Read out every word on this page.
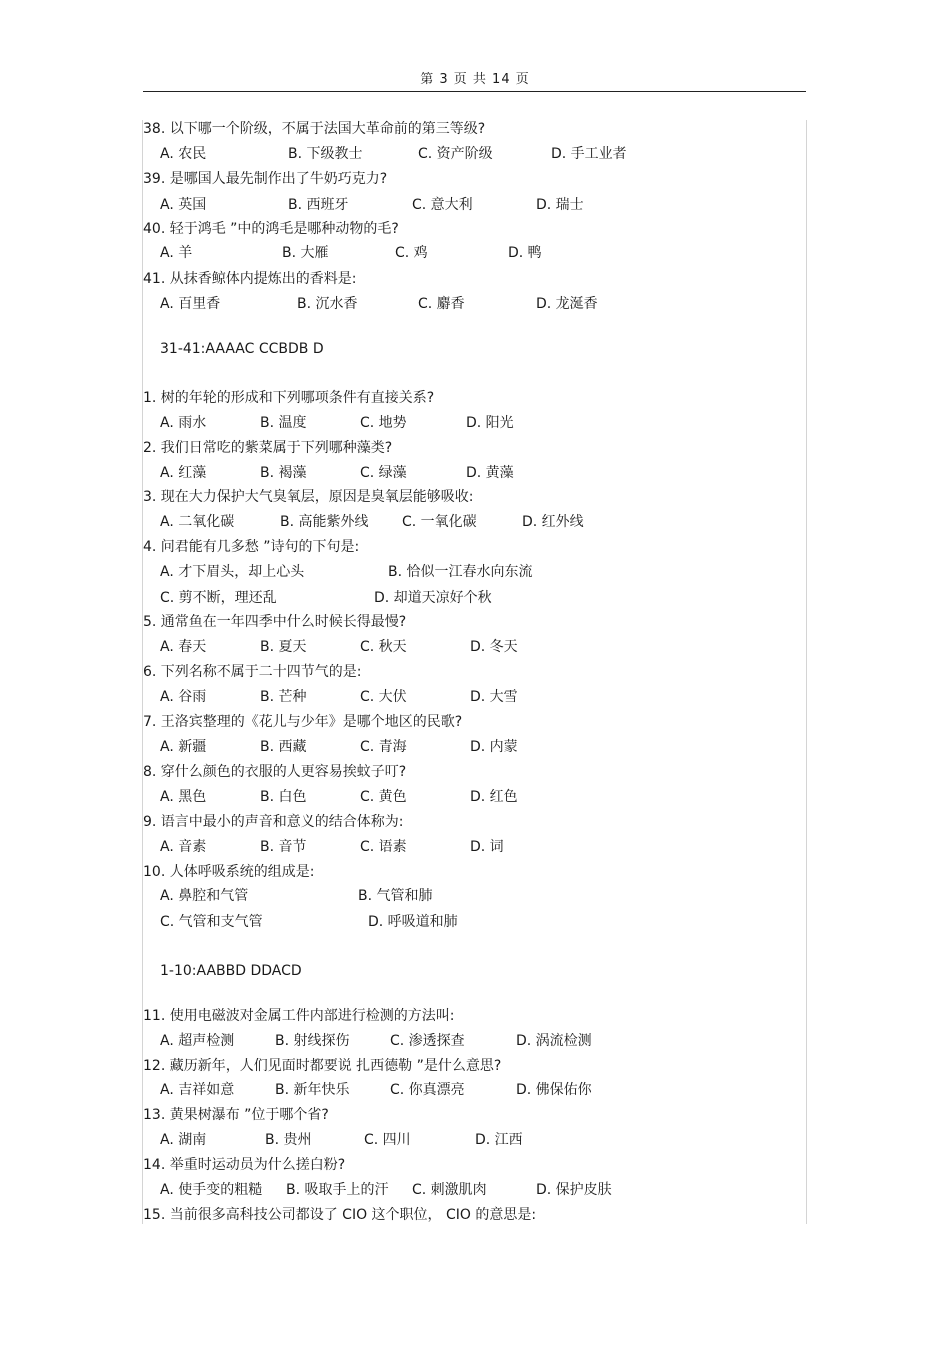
第 3 页 共 14 页
38. 以下哪一个阶级，不属于法国大革命前的第三等级?
A. 农民	B. 下级教士	C. 资产阶级	D. 手工业者
39. 是哪国人最先制作出了牛奶巧克力?
A. 英国	B. 西班牙	C. 意大利	D. 瑞士
40. 轻于鸿毛 ”中的鸿毛是哪种动物的毛?
A. 羊	B. 大雁	C. 鸡	D. 鸭
41. 从抹香鲸体内提炼出的香料是:
A. 百里香	B. 沉水香	C. 麝香	D. 龙涎香
31-41:AAAAC CCBDB D
1. 树的年轮的形成和下列哪项条件有直接关系?
A. 雨水	B. 温度	C. 地势	D. 阳光
2. 我们日常吃的紫菜属于下列哪种藻类?
A. 红藻	B. 褐藻	C. 绿藻	D. 黄藻
3. 现在大力保护大气臭氧层，原因是臭氧层能够吸收:
A. 二氧化碳	B. 高能紫外线 C. 一氧化碳	D. 红外线
4. 问君能有几多愁 ”诗句的下句是:
A. 才下眉头，却上心头	B. 恰似一江春水向东流
C. 剪不断，理还乱	D. 却道天凉好个秋
5. 通常鱼在一年四季中什么时候长得最慢?
A. 春天	B. 夏天	C. 秋天	D. 冬天
6. 下列名称不属于二十四节气的是:
A. 谷雨	B. 芒种	C. 大伏	D. 大雪
7. 王洛宾整理的《花儿与少年》是哪个地区的民歌?
A. 新疆	B. 西藏	C. 青海	D. 内蒙
8. 穿什么颜色的衣服的人更容易挨蚊子叮?
A. 黑色	B. 白色	C. 黄色	D. 红色
9. 语言中最小的声音和意义的结合体称为:
A. 音素	B. 音节	C. 语素	D. 词
10. 人体呼吸系统的组成是:
A. 鼻腔和气管	B. 气管和肺
C. 气管和支气管	D. 呼吸道和肺
1-10:AABBD DDACD
11. 使用电磁波对金属工件内部进行检测的方法叫:
A. 超声检测	B. 射线探伤	C. 渗透探查	D. 涡流检测
12. 藏历新年，人们见面时都要说 扎西德勒 ”是什么意思?
A. 吉祥如意	B. 新年快乐	C. 你真漂亮	D. 佛保佑你
13. 黄果树瀑布 ”位于哪个省?
A. 湖南	B. 贵州	C. 四川	D. 江西
14. 举重时运动员为什么搓白粉?
A. 使手变的粗糙 B. 吸取手上的汗 C. 刺激肌肉	D. 保护皮肤
15. 当前很多高科技公司都设了 CIO 这个职位， CIO 的意思是:
